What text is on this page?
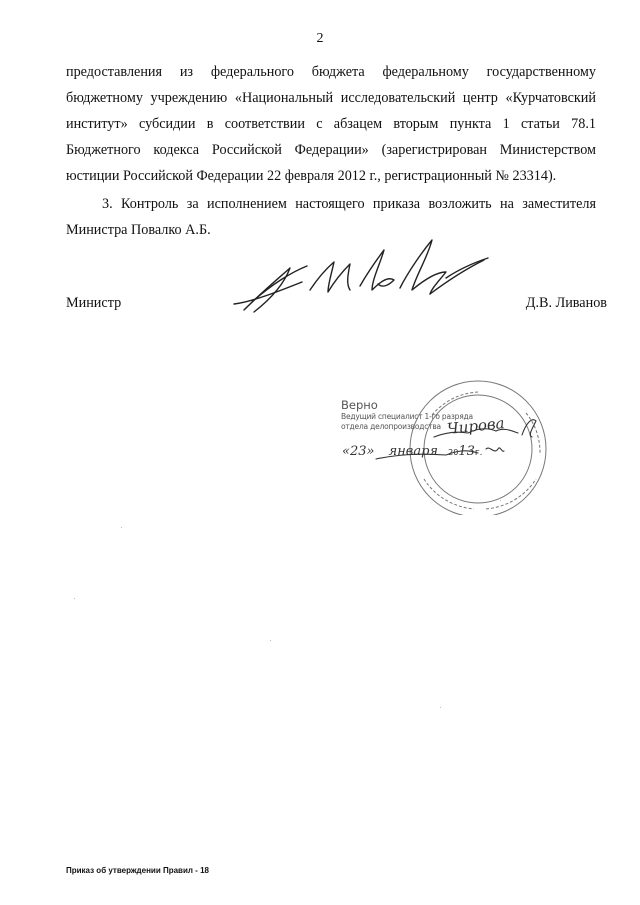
2
предоставления из федерального бюджета федеральному государственному
бюджетному учреждению «Национальный исследовательский центр «Курчатовский
институт» субсидии в соответствии с абзацем вторым пункта 1 статьи 78.1
Бюджетного кодекса Российской Федерации» (зарегистрирован Министерством
юстиции Российской Федерации 22 февраля 2012 г., регистрационный № 23314).
3. Контроль за исполнением настоящего приказа возложить на заместителя
Министра Повалко А.Б.
Министр	Д.В. Ливанов
Верно
Ведущий специалист 1-го разряда
отдела делопроизводства Чирова
«23» января 2013г.
Приказ об утверждении Правил - 18
